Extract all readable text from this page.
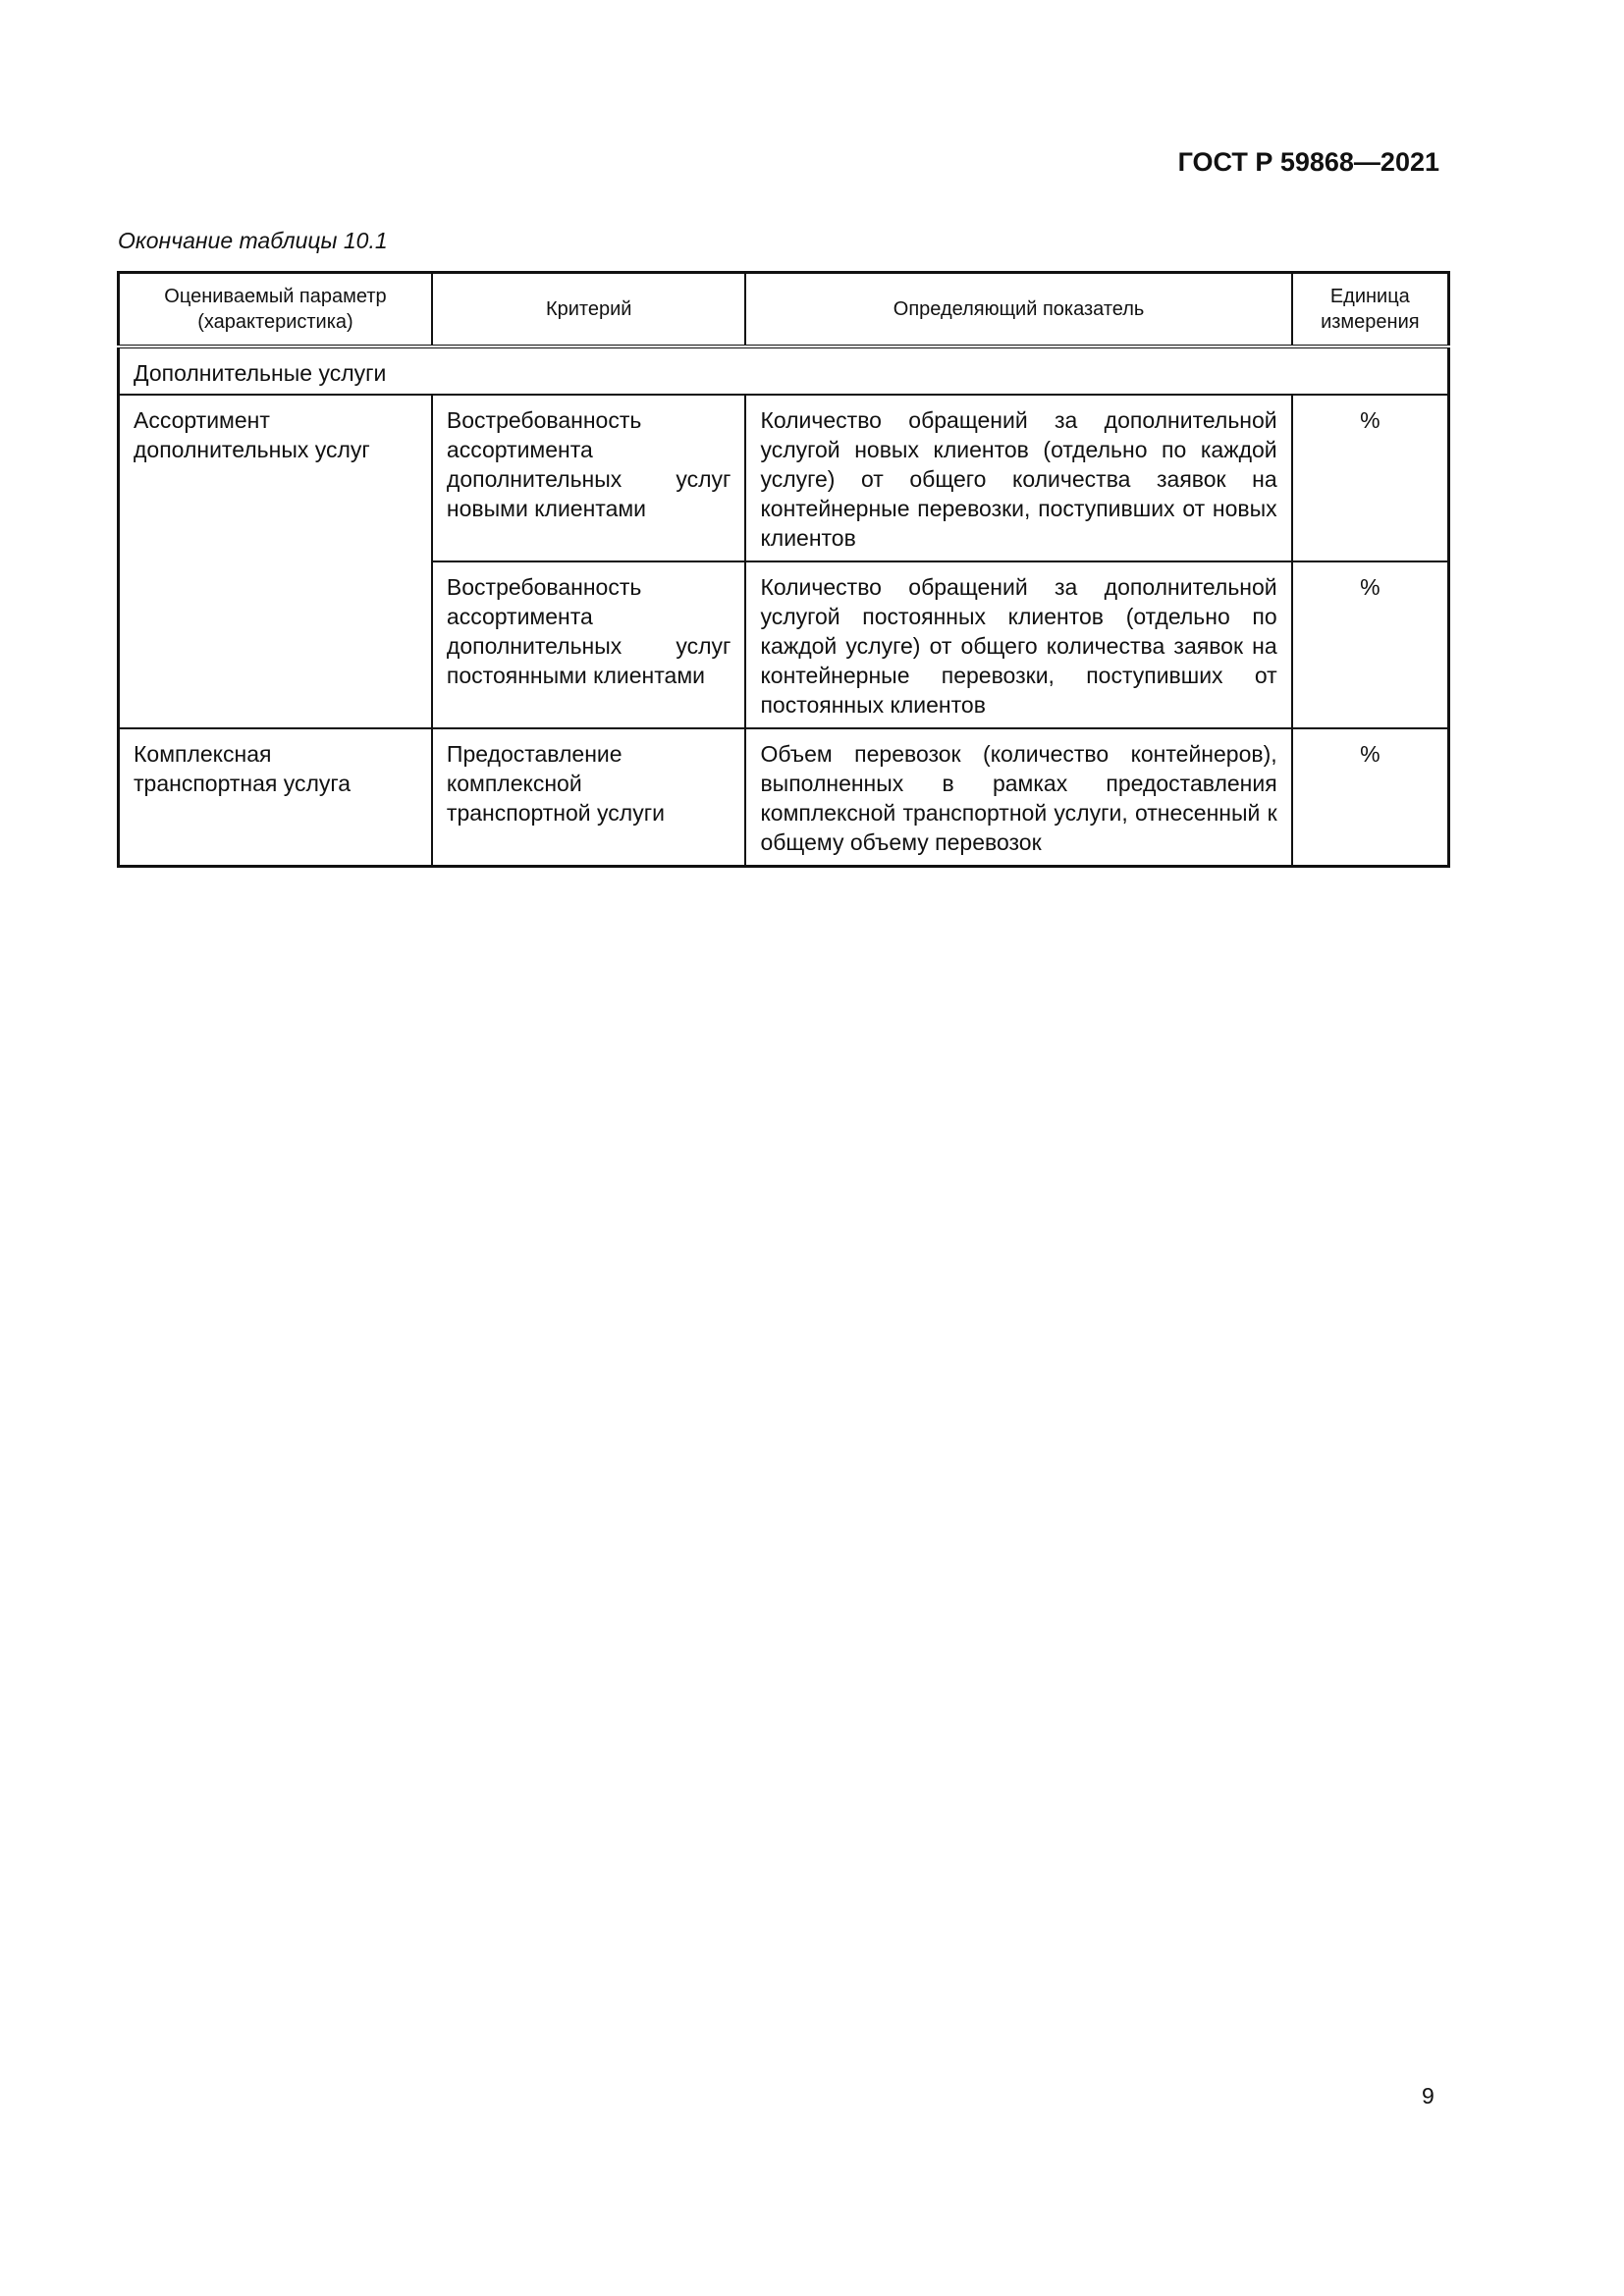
ГОСТ Р 59868—2021
Окончание таблицы 10.1
Оцениваемый параметр (характеристика)	Критерий	Определяющий показатель	Единица измерения
Дополнительные услуги			
Ассортимент дополнительных услуг	Востребованность ассортимента дополнительных услуг новыми клиентами	Количество обращений за дополнительной услугой новых клиентов (отдельно по каждой услуге) от общего количества заявок на контейнерные перевозки, поступивших от новых клиентов	%
	Востребованность ассортимента дополнительных услуг постоянными клиентами	Количество обращений за дополнительной услугой постоянных клиентов (отдельно по каждой услуге) от общего количества заявок на контейнерные перевозки, поступивших от постоянных клиентов	%
Комплексная транспортная услуга	Предоставление комплексной транспортной услуги	Объем перевозок (количество контейнеров), выполненных в рамках предоставления комплексной транспортной услуги, отнесенный к общему объему перевозок	%
9
